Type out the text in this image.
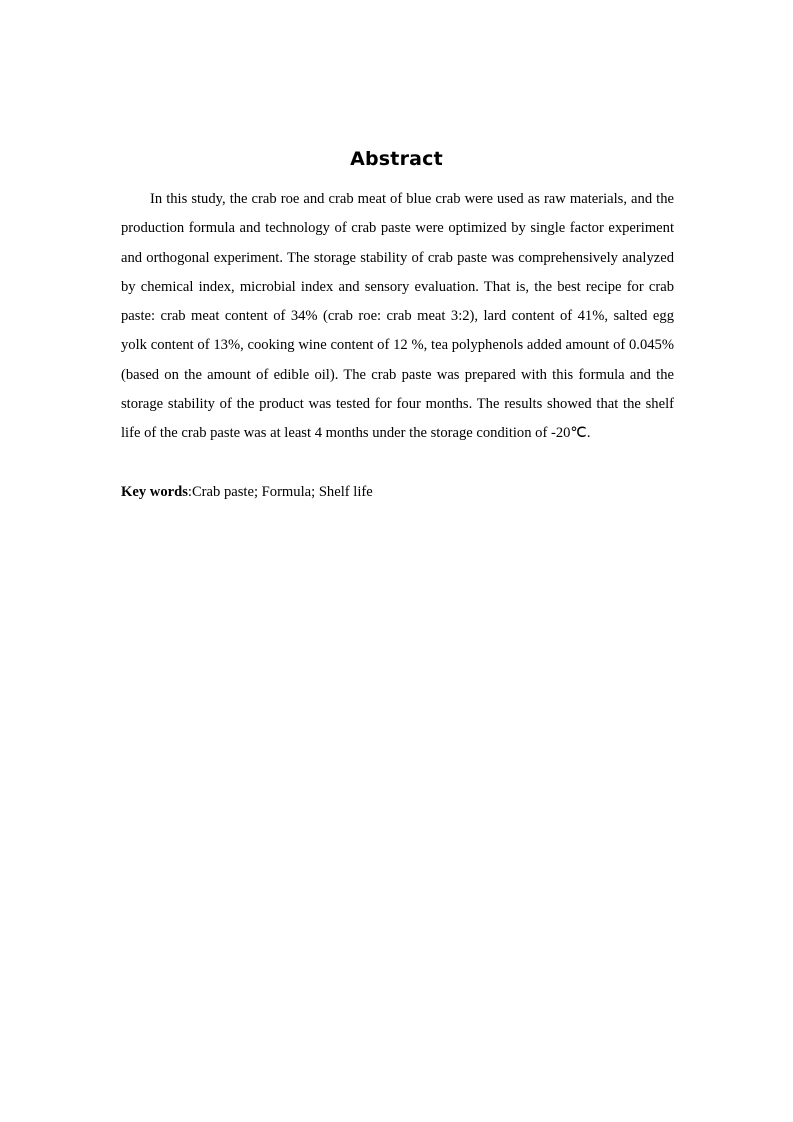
Abstract

In this study, the crab roe and crab meat of blue crab were used as raw materials, and the production formula and technology of crab paste were optimized by single factor experiment and orthogonal experiment. The storage stability of crab paste was comprehensively analyzed by chemical index, microbial index and sensory evaluation. That is, the best recipe for crab paste: crab meat content of 34% (crab roe: crab meat 3:2), lard content of 41%, salted egg yolk content of 13%, cooking wine content of 12 %, tea polyphenols added amount of 0.045% (based on the amount of edible oil). The crab paste was prepared with this formula and the storage stability of the product was tested for four months. The results showed that the shelf life of the crab paste was at least 4 months under the storage condition of -20℃.

Key words:Crab paste; Formula; Shelf life
